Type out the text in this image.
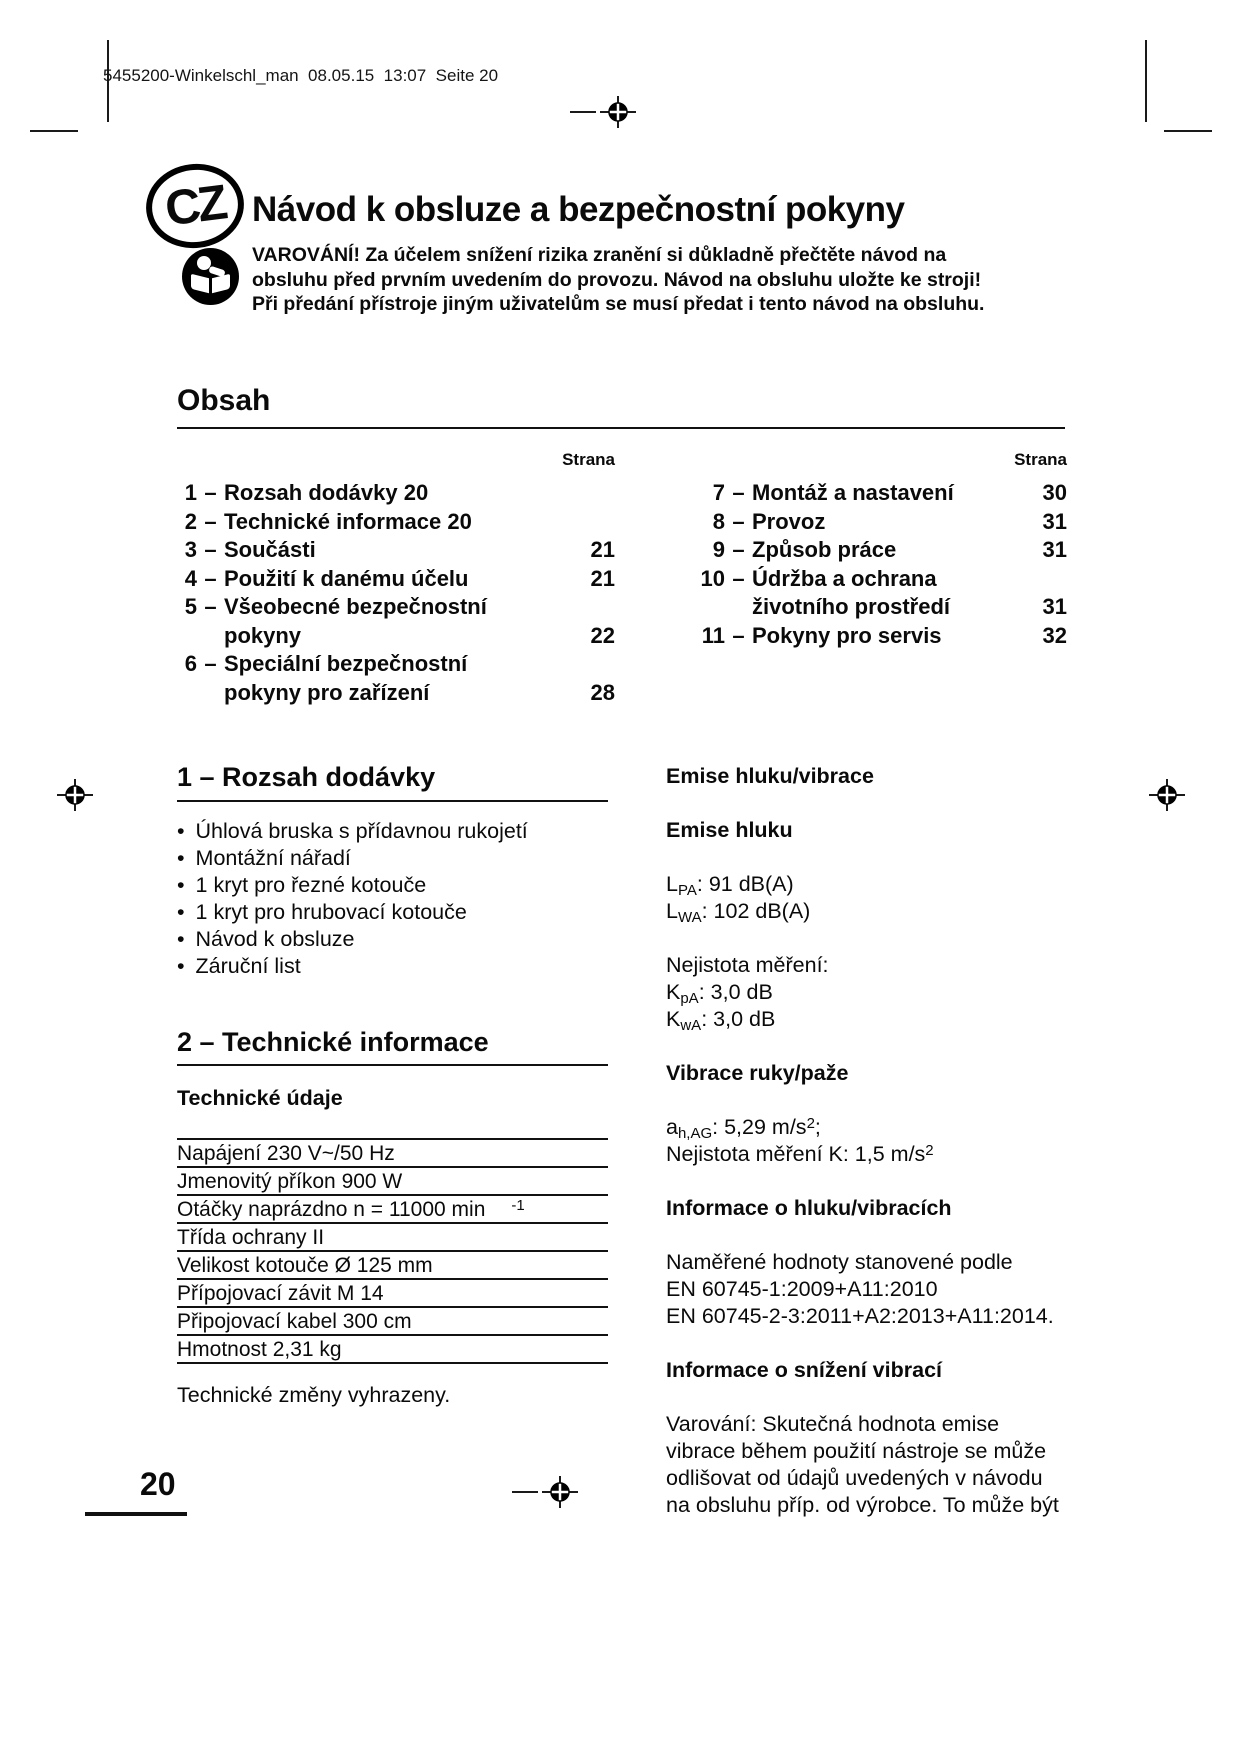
5455200-Winkelschl_man  08.05.15  13:07  Seite 20
CZ Návod k obsluze a bezpečnostní pokyny
VAROVÁNÍ! Za účelem snížení rizika zranění si důkladně přečtěte návod na
obsluhu před prvním uvedením do provozu. Návod na obsluhu uložte ke stroji!
Při předání přístroje jiným uživatelům se musí předat i tento návod na obsluhu.
Obsah
Strana
1 – Rozsah dodávky 20
2 – Technické informace 20
3 – Součásti	21
4 – Použití k danému účelu	21
5 – Všeobecné bezpečnostní
pokyny	22
6 – Speciální bezpečnostní
pokyny pro zařízení	28
Strana
7 – Montáž a nastavení	30
8 – Provoz	31
9 – Způsob práce	31
10 – Údržba a ochrana
životního prostředí	31
11 – Pokyny pro servis	32
1 – Rozsah dodávky
• Úhlová bruska s přídavnou rukojetí
• Montážní nářadí
• 1 kryt pro řezné kotouče
• 1 kryt pro hrubovací kotouče
• Návod k obsluze
• Záruční list
2 – Technické informace
Technické údaje
Napájení 230 V~/50 Hz
Jmenovitý příkon 900 W
Otáčky naprázdno n = 11000 min $^{-1}$
Třída ochrany II
Velikost kotouče Ø 125 mm
Přípojovací závit M 14
Připojovací kabel 300 cm
Hmotnost 2,31 kg
Technické změny vyhrazeny.
Emise hluku/vibrace
Emise hluku
$L_{PA}$: 91 dB(A)
$L_{WA}$: 102 dB(A)
Nejistota měření:
$K_{pA}$: 3,0 dB
$K_{wA}$: 3,0 dB
Vibrace ruky/paže
$a_{h,AG}$: 5,29 $m/s^2$;
Nejistota měření K: 1,5 $m/s^2$
Informace o hluku/vibracích
Naměřené hodnoty stanovené podle
EN 60745-1:2009+A11:2010
EN 60745-2-3:2011+A2:2013+A11:2014.
Informace o snížení vibrací
Varování: Skutečná hodnota emise
vibrace během použití nástroje se může
odlišovat od údajů uvedených v návodu
na obsluhu příp. od výrobce. To může být
20
